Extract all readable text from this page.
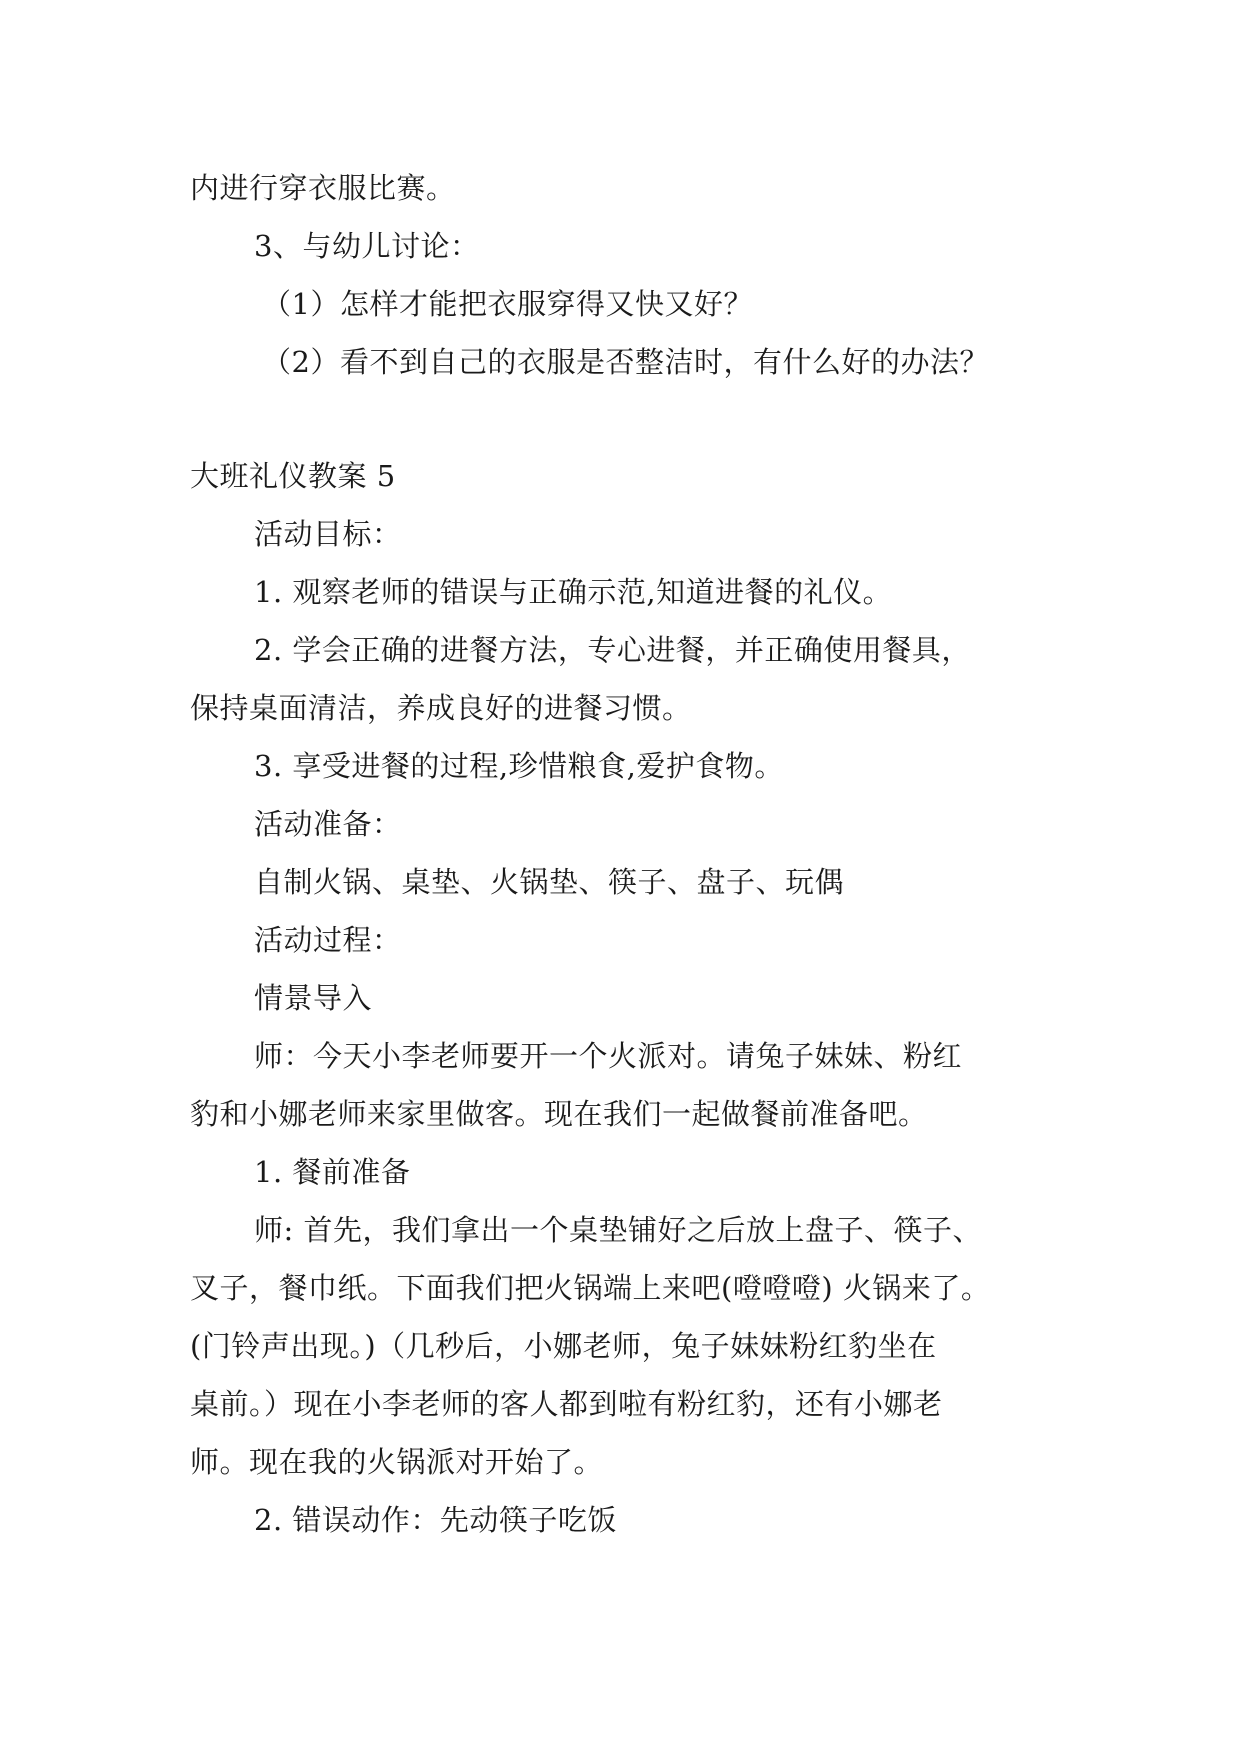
内进行穿衣服比赛。
3、与幼儿讨论：
（1）怎样才能把衣服穿得又快又好？
（2）看不到自己的衣服是否整洁时，有什么好的办法？
大班礼仪教案 5
活动目标：
1. 观察老师的错误与正确示范,知道进餐的礼仪。
2. 学会正确的进餐方法，专心进餐，并正确使用餐具，
保持桌面清洁，养成良好的进餐习惯。
3. 享受进餐的过程,珍惜粮食,爱护食物。
活动准备：
自制火锅、桌垫、火锅垫、筷子、盘子、玩偶
活动过程：
情景导入
师：今天小李老师要开一个火派对。请兔子妹妹、粉红
豹和小娜老师来家里做客。现在我们一起做餐前准备吧。
1. 餐前准备
师: 首先，我们拿出一个桌垫铺好之后放上盘子、筷子、
叉子，餐巾纸。下面我们把火锅端上来吧(噔噔噔) 火锅来了。
(门铃声出现。)（几秒后，小娜老师，兔子妹妹粉红豹坐在
桌前。）现在小李老师的客人都到啦有粉红豹，还有小娜老
师。现在我的火锅派对开始了。
2. 错误动作：先动筷子吃饭
